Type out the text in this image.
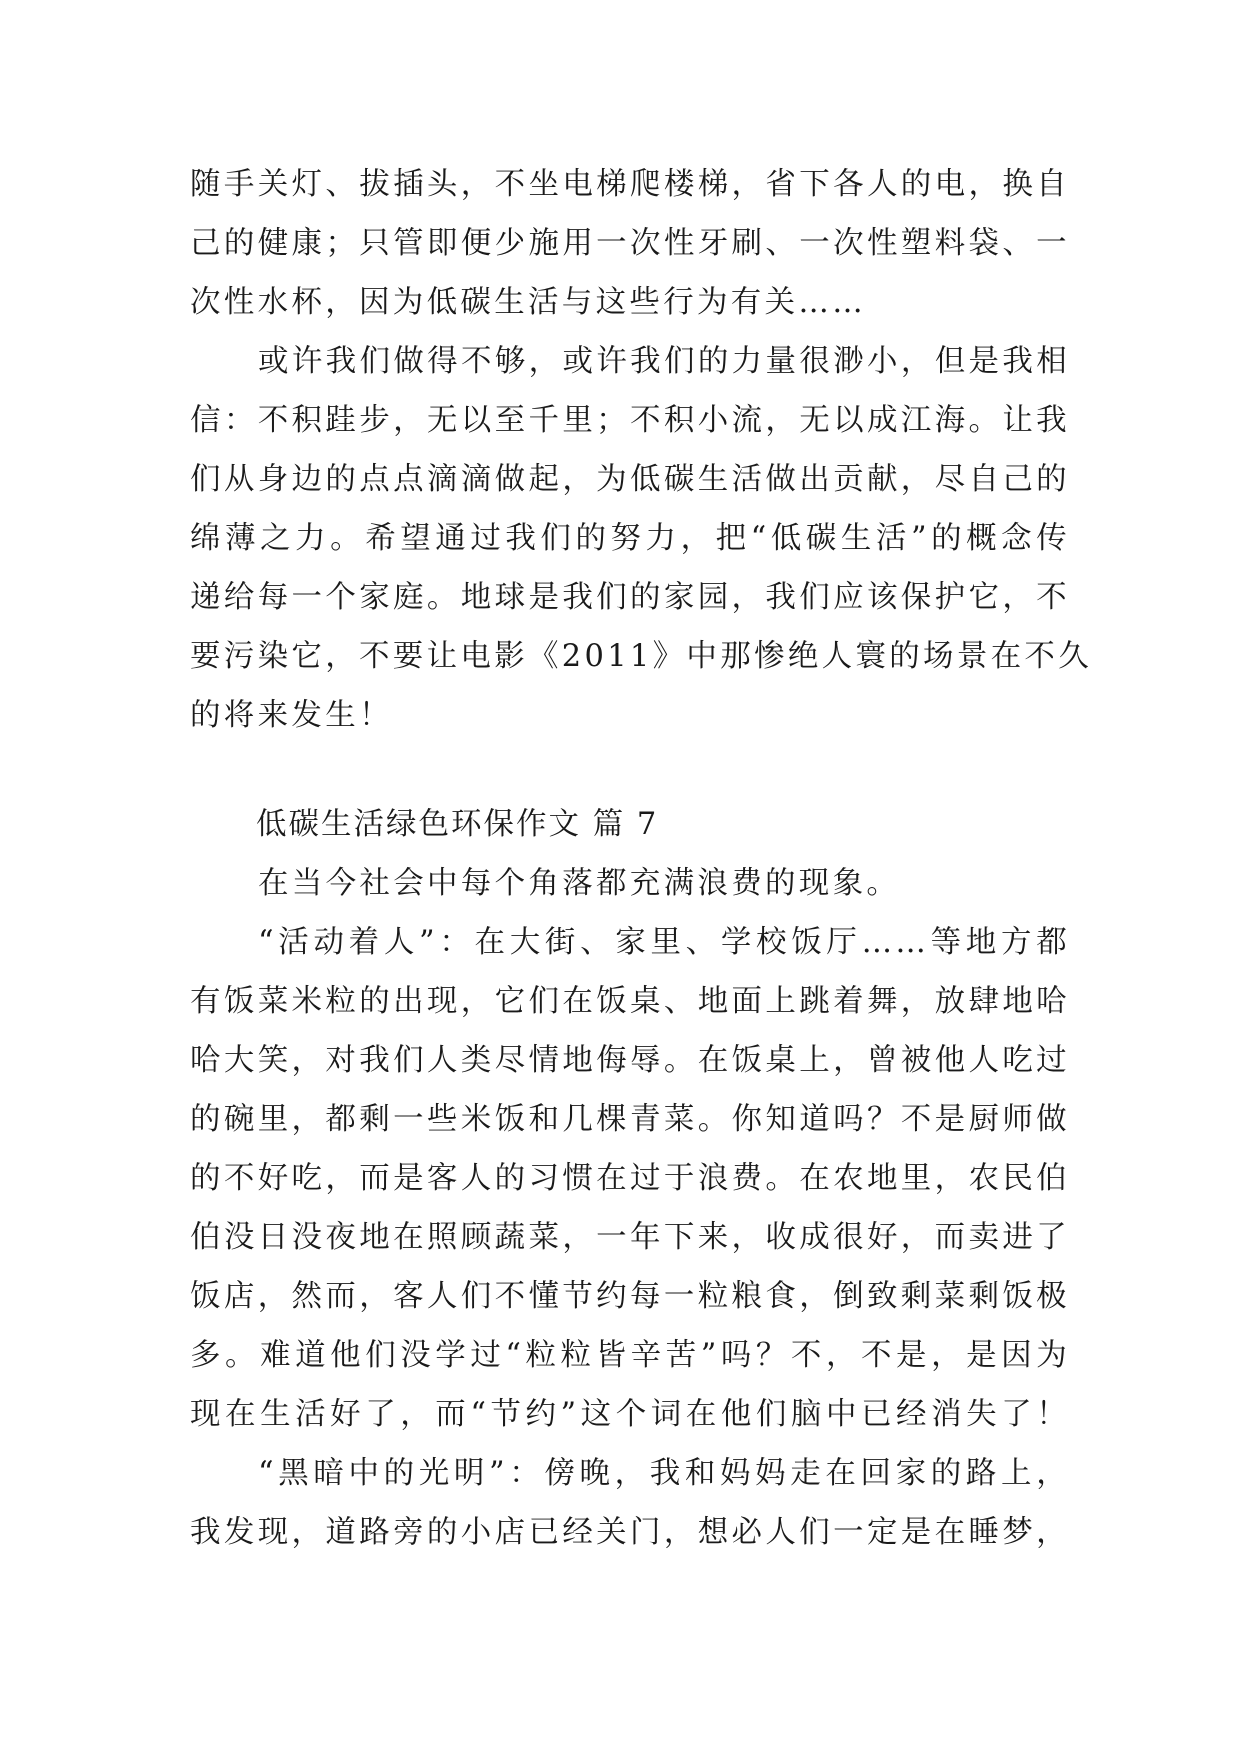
随手关灯、拔插头，不坐电梯爬楼梯，省下各人的电，换自
己的健康；只管即便少施用一次性牙刷、一次性塑料袋、一
次性水杯，因为低碳生活与这些行为有关……
或许我们做得不够，或许我们的力量很渺小，但是我相
信：不积跬步，无以至千里；不积小流，无以成江海。让我
们从身边的点点滴滴做起，为低碳生活做出贡献，尽自己的
绵薄之力。希望通过我们的努力，把“低碳生活”的概念传
递给每一个家庭。地球是我们的家园，我们应该保护它，不
要污染它，不要让电影《2011》中那惨绝人寰的场景在不久
的将来发生！
低碳生活绿色环保作文 篇 7
在当今社会中每个角落都充满浪费的现象。
“活动着人”：在大街、家里、学校饭厅……等地方都
有饭菜米粒的出现，它们在饭桌、地面上跳着舞，放肆地哈
哈大笑，对我们人类尽情地侮辱。在饭桌上，曾被他人吃过
的碗里，都剩一些米饭和几棵青菜。你知道吗？不是厨师做
的不好吃，而是客人的习惯在过于浪费。在农地里，农民伯
伯没日没夜地在照顾蔬菜，一年下来，收成很好，而卖进了
饭店，然而，客人们不懂节约每一粒粮食，倒致剩菜剩饭极
多。难道他们没学过“粒粒皆辛苦”吗？不，不是，是因为
现在生活好了，而“节约”这个词在他们脑中已经消失了！
“黑暗中的光明”：傍晚，我和妈妈走在回家的路上，
我发现，道路旁的小店已经关门，想必人们一定是在睡梦，
